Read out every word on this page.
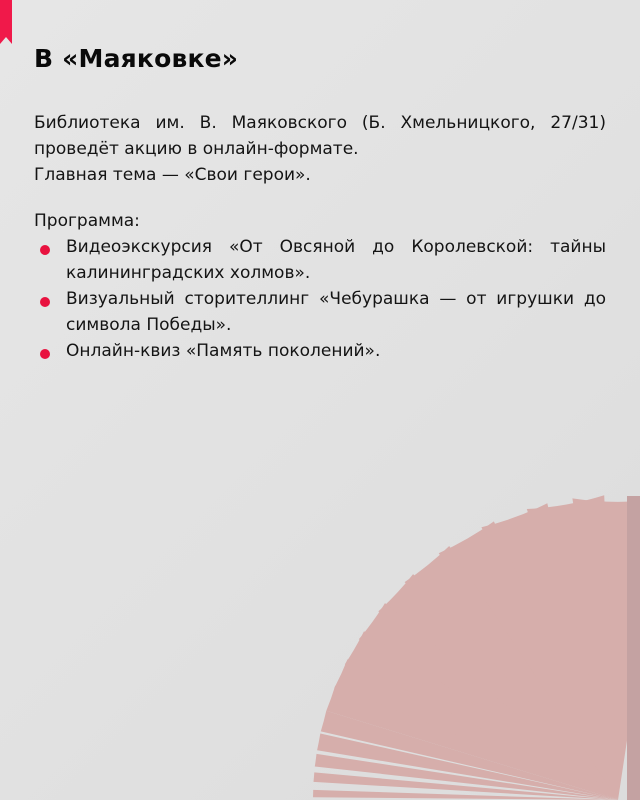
В «Маяковке»

Библиотека им. В. Маяковского (Б. Хмельницкого, 27/31) проведёт акцию в онлайн-формате.

Главная тема — «Свои герои».

Программа:

Видеоэкскурсия «От Овсяной до Королевской: тайны калининградских холмов».
Визуальный сторителлинг «Чебурашка — от игрушки до символа Победы».
Онлайн-квиз «Память поколений».
